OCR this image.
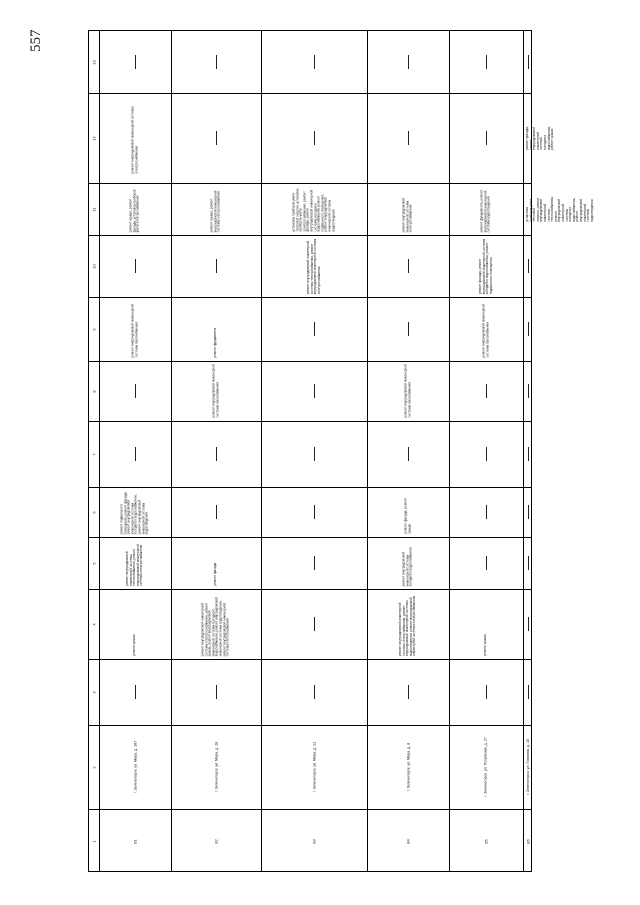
557
1
2
3
4
5
6
7
8
9
10
11
12
13
81
г. Зеленогорск, ул. Мира, д. 187
ремонт крыши
ремонт внутридомовой инженерной системы теплоснабжения, ремонт внутридомовой инженерной системы электроснабжения
ремонт подвального помещения, ремонт фасада, ремонт внутридомовой инженерной системы холодного водоснабжения, ремонт внутридомовой инженерной системы водоотведения
ремонт внутридомовой инженерной системы газоснабжения
ремонт крыши, ремонт фасада, установка приборов учета электроснабжения
ремонт внутридомовой инженерной системы электроснабжения
82
г. Зеленогорск, ул. Мира, д. 28
ремонт внутридомовой инженерной системы электроснабжения, ремонт крыши, ремонт внутридомовой инженерной системы холодного водоснабжения, ремонт внутридомовой инженерной системы водоотведения, ремонт внутридомовой инженерной системы теплоснабжения
ремонт фасада
ремонт внутридомовой инженерной системы газоснабжения
ремонт фундамента
ремонт крыши, ремонт внутридомовой инженерной системы электроснабжения
83
г. Зеленогорск, ул. Мира, д. 22
ремонт внутридомовой инженерной системы теплоснабжения, ремонт внутридомовой инженерной системы электроснабжения
установка приборов учета тепловой энергии, установка приборов учета электроснабжения, ремонт фасада, ремонт внутридомовой инженерной системы холодного водоснабжения, ремонт подвального помещения, ремонт внутридомовой инженерной системы водоотведения
84
г. Зеленогорск, ул. Мира, д. 8
ремонт внутридомовой инженерной системы теплоснабжения, ремонт внутридомовой инженерной системы водоотведения, ремонт внутридомовой инженерной системы электроснабжения
ремонт внутридомовой инженерной системы холодного водоснабжения
ремонт фасада, ремонт крыши
ремонт внутридомовой инженерной системы газоснабжения
ремонт внутридомовой инженерной системы электроснабжения
85
г. Зеленогорск, ул. Потрясова, д. 27
ремонт крыши
ремонт внутридомовой инженерной системы газоснабжения
ремонт фасада, ремонт внутридомовой инженерной системы холодного водоснабжения, ремонт подвального помещения
ремонт фундамента, ремонт внутридомовой инженерной системы водоотведения
86
г. Зеленогорск, ул. Павлова, д. 15
установка приборов учета тепловой энергии, ремонт внутридомовой инженерной системы теплоснабжения, ремонт внутридомовой инженерной системы холодного водоснабжения, ремонт внутридомовой инженерной системы водоотведения
ремонт фасада, ремонт внутридомовой инженерной системы холодного водоснабжения, ремонт крыши
